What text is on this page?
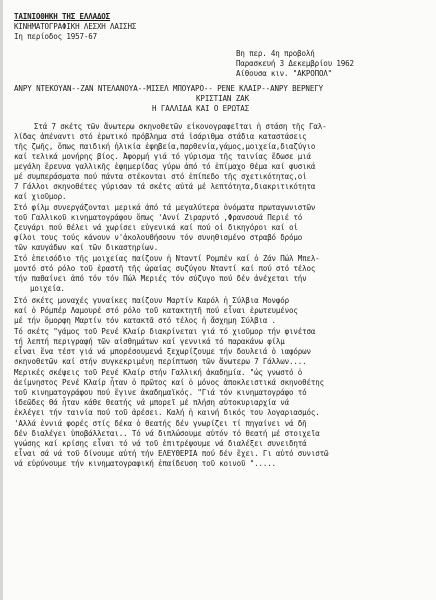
ΤΑΙΝΙΟΘΗΚΗ ΤΗΣ ΕΛΛΑΔΟΣ
ΚΙΝΗΜΑΤΟΓΡΑΦΙΚΗ ΛΕΣΧΗ ΛΑΙΣΗΣ
Ιη περίοδος 1957-67
Βη περ. 4η προβολή
Παρασκευή 3 Δεκεμβρίου 1962
Αίθουσα κιν. "ΑΚΡΟΠΟΛ"
ΑΝΡΥ ΝΤΕΚΟΥΑΝ--ΖΑΝ ΝΤΕΛΑΝΟΥΑ--ΜΙΣΕΛ ΜΠΟΥΑΡΟ-- ΡΕΝΕ ΚΛΑΙΡ--ΑΝΡΥ ΒΕΡΝΕΓΥ
ΚΡΙΣΤΙΑΝ ΖΑΚ
Η ΓΑΛΛΙΔΑ ΚΑΙ Ο ΕΡΩΤΑΣ
Στά 7 σκέτς τῶν ἄνωτερω σκηνοθετῶν εἰκονογραφεῖται ἡ στάση τῆς Γαλ-
λίδας ἀπέναντι στό ἐρωτικό πρόβλημα στά ἰσάριθμα στάδια καταστάσεις
τῆς ζωῆς, ὅπως παιδική ἡλικία ἐφηβεία,παρθενία,γάμος,μοιχεία,διαζύγιο
καί τελικά μονήρης βίος. Ἀφορμή γιά τό γύρισμα τῆς ταινίας ἔδωσε μιά
μεγάλη ἔρευνα γαλλικῆς ἐφημερίδας γύρω ἀπό τό ἐπίμαχο θέμα καί φυσικά
μέ συμπεράσματα πού πάντα στέκονται στό ἐπίπεδο τῆς σχετικότητας,οἱ
7 Γάλλοι σκηνοθέτες γύρισαν τά σκέτς αὐτά μέ λεπτότητα,διακριτικότητα
καί χιοῦμορ.
Στό φίλμ συνεργάζονται μερικά ἀπό τά μεγαλύτερα ὀνόματα πρωταγωνιστῶν
τοῦ Γαλλικοῦ κινηματογράφου ὅπως 'Αννί Ζιραρντό ,Φρανσουά Περιέ τό
ζευγάρι πού θέλει νά χωρίσει εὐγενικά καί πού οἱ δικηγόροι καί οἱ
φίλοι τους τούς κάνουν ν'ἀκολουθήσουν τόν συνηθισμένο στραβό δρόμο
τῶν καυγάδων καί τῶν δικαστηρίων.
Στό ἐπεισόδιο τῆς μοιχείας παίζουν ἡ Νταντί Ρομπέν καί ὁ Ζάν Πώλ Μπελ-
μοντό στό ρόλο τοῦ ἐραστῆ τῆς ὡραίας συζύγου Νταντί καί πού στό τέλος
τήν παθαίνει ἀπό τόν τόν Πώλ Μεριές τόν σύζυγο πού δέν ἀνέχεται τήν
μοιχεία.
Στό σκέτς μοναχές γυναίκες παίζουν Μαρτίν Καρόλ ἡ Σύλβια Μονφόρ
καί ὁ Ρόμπέρ Λαμουρέ στό ρόλο τοῦ κατακτητῆ πού εἶναι ἐρωτευμένος
μέ τήν ὄμορφη Μαρτίν τόν κατακτᾶ στό τέλος ἡ ἄσχημη Σύλβια .
Τό σκέτς "γάμος τοῦ Ρενέ Κλαίρ διακρίνεται γιά τό χιοῦμορ τήν φινέτσα
τή λεπτή περιγραφή τῶν αἰσθημάτων καί γεννικά τό παρακάνω φίλμ
εἶναι ἕνα τέστ γιά νά μπορέσουμενά ξεχωρίζουμε τήν δουλειά ὁ ιαφόρων
σκηνοθετῶν καί στήν συγκεκριμένη περίπτωση τῶν ἄνωτερω 7 Γάλλων....
Μερικές σκέψεις τοῦ Ρενέ Κλαίρ στήν Γαλλική ἀκαδημία. "ὡς γνωστό ὁ
ἀείμνηστος Ρενέ Κλαίρ ἦταν ὁ πρῶτος καί ὁ μόνος ἀποκλειστικά σκηνοθέτης
τοῦ κινηματογράφου πού ἔγινε ἀκαδημαϊκός. "Γιά τόν κινηματογράφο τό
ἰδεῶδες θά ἦταν κάθε θεατής νά μπορεῖ μέ πλήση αὐτοκυριαρχία νά
ἐκλέγει τήν ταινία πού τοῦ ἀρέσει. Καλή ἡ καινή δικός του λογαριασμός.
'Αλλά ἐννιά φορές στίς δέκα ὁ θεατής δέν γνωρίζει τί πηγαίνει νά δῆ
δέν διαλέγει ὑποβάλλεται.. Τό νά διπλώσουμε αὐτόν τό θεατή μέ στοιχεῖα
γνώσης καί κρίσης εἶναι τό νά τοῦ ἐπιτρέψουμε νά διαλέξει συνειδητά
εἶναι σά νά τοῦ δίνουμε αὐτή τήν ΕΛΕΥΘΕΡΙΑ πού δέν ἔχει. Γι αὐτό συνιστῶ
νά εὐρύνουμε τήν κινηματογραφική ἐπαίδευση τοῦ κοινοῦ ".....
